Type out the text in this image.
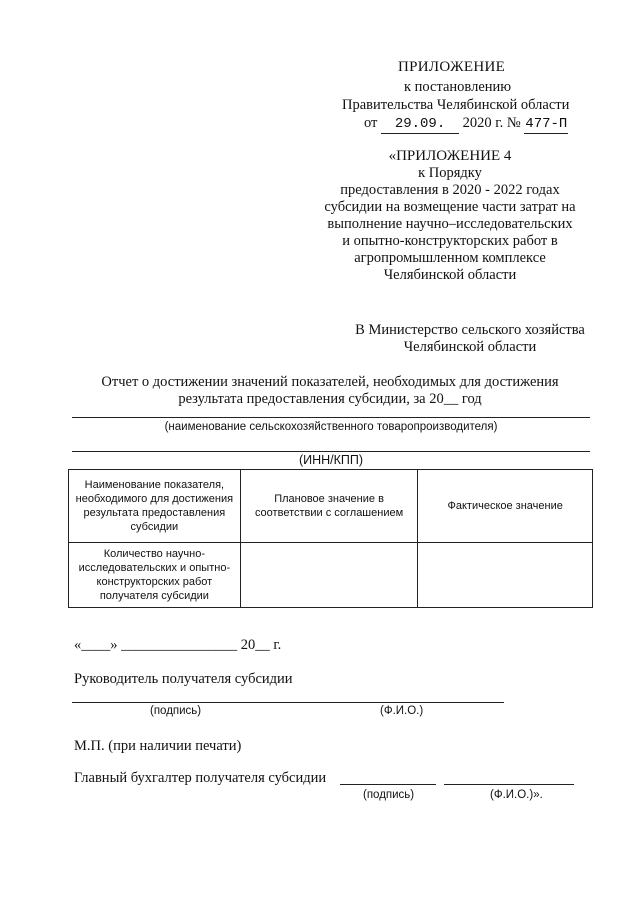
ПРИЛОЖЕНИЕ
к постановлению
Правительства Челябинской области
от 29.09. 2020 г. № 477-П
«ПРИЛОЖЕНИЕ 4
к Порядку
предоставления в 2020 - 2022 годах
субсидии на возмещение части затрат на
выполнение научно–исследовательских
и опытно-конструкторских работ в
агропромышленном комплексе
Челябинской области
В Министерство сельского хозяйства
Челябинской области
Отчет о достижении значений показателей, необходимых для достижения
результата предоставления субсидии, за 20__ год
(наименование сельскохозяйственного товаропроизводителя)
(ИНН/КПП)
Наименование показателя, необходимого для достижения результата предоставления субсидии	Плановое значение в соответствии с соглашением	Фактическое значение
Количество научно-исследовательских и опытно-конструкторских работ получателя субсидии		
«____» ________________ 20__ г.
Руководитель получателя субсидии
(подпись)	(Ф.И.О.)
М.П. (при наличии печати)
Главный бухгалтер получателя субсидии
(подпись)	(Ф.И.О.)».
